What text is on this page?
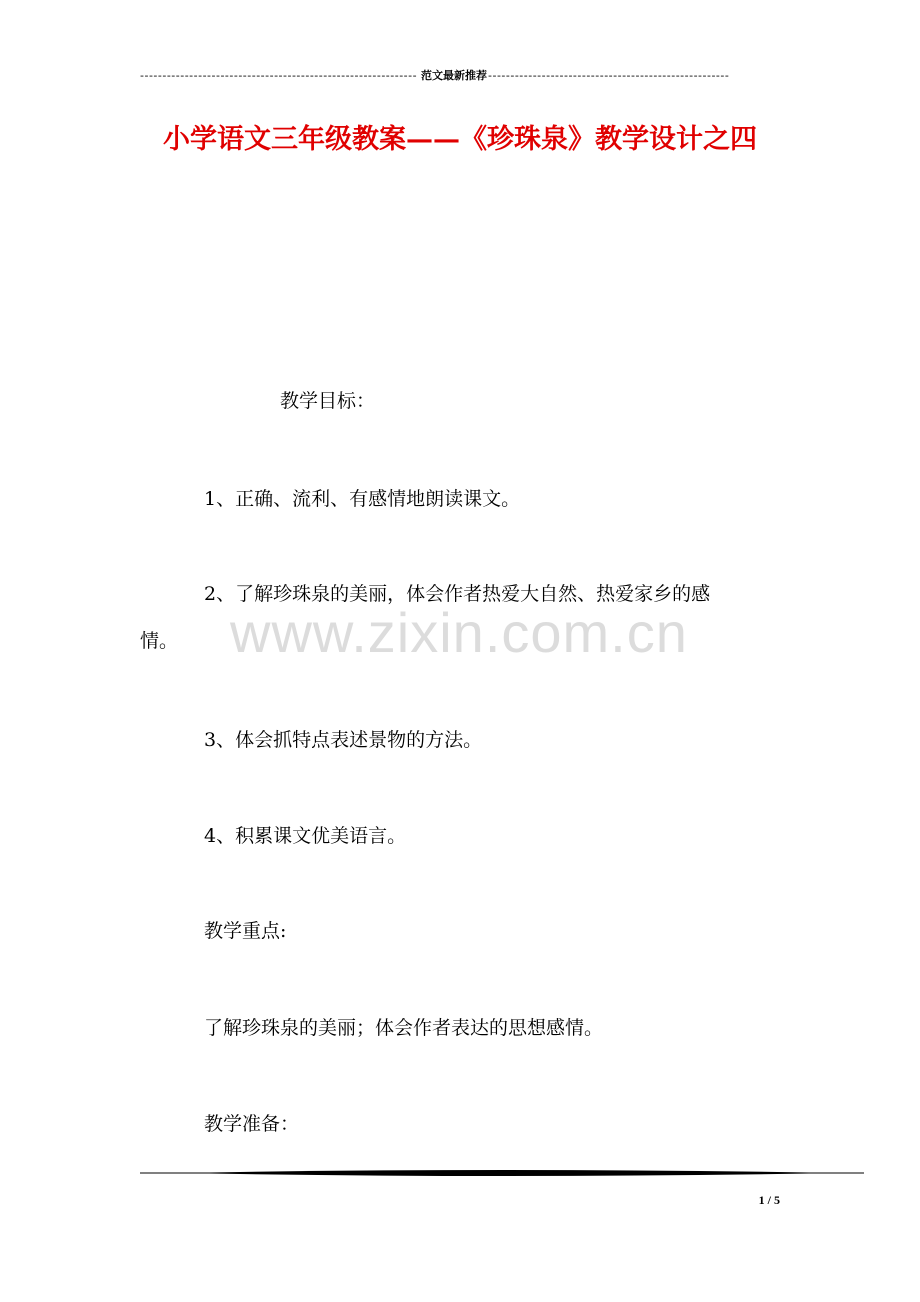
-------------------------------------------------------------- 范文最新推荐 ------------------------------------------------------
小学语文三年级教案——《珍珠泉》教学设计之四
www.zixin.com.cn
教学目标：
1、正确、流利、有感情地朗读课文。
2、了解珍珠泉的美丽，体会作者热爱大自然、热爱家乡的感
情。
3、体会抓特点表述景物的方法。
4、积累课文优美语言。
教学重点:
了解珍珠泉的美丽；体会作者表达的思想感情。
教学准备：
1 / 5
